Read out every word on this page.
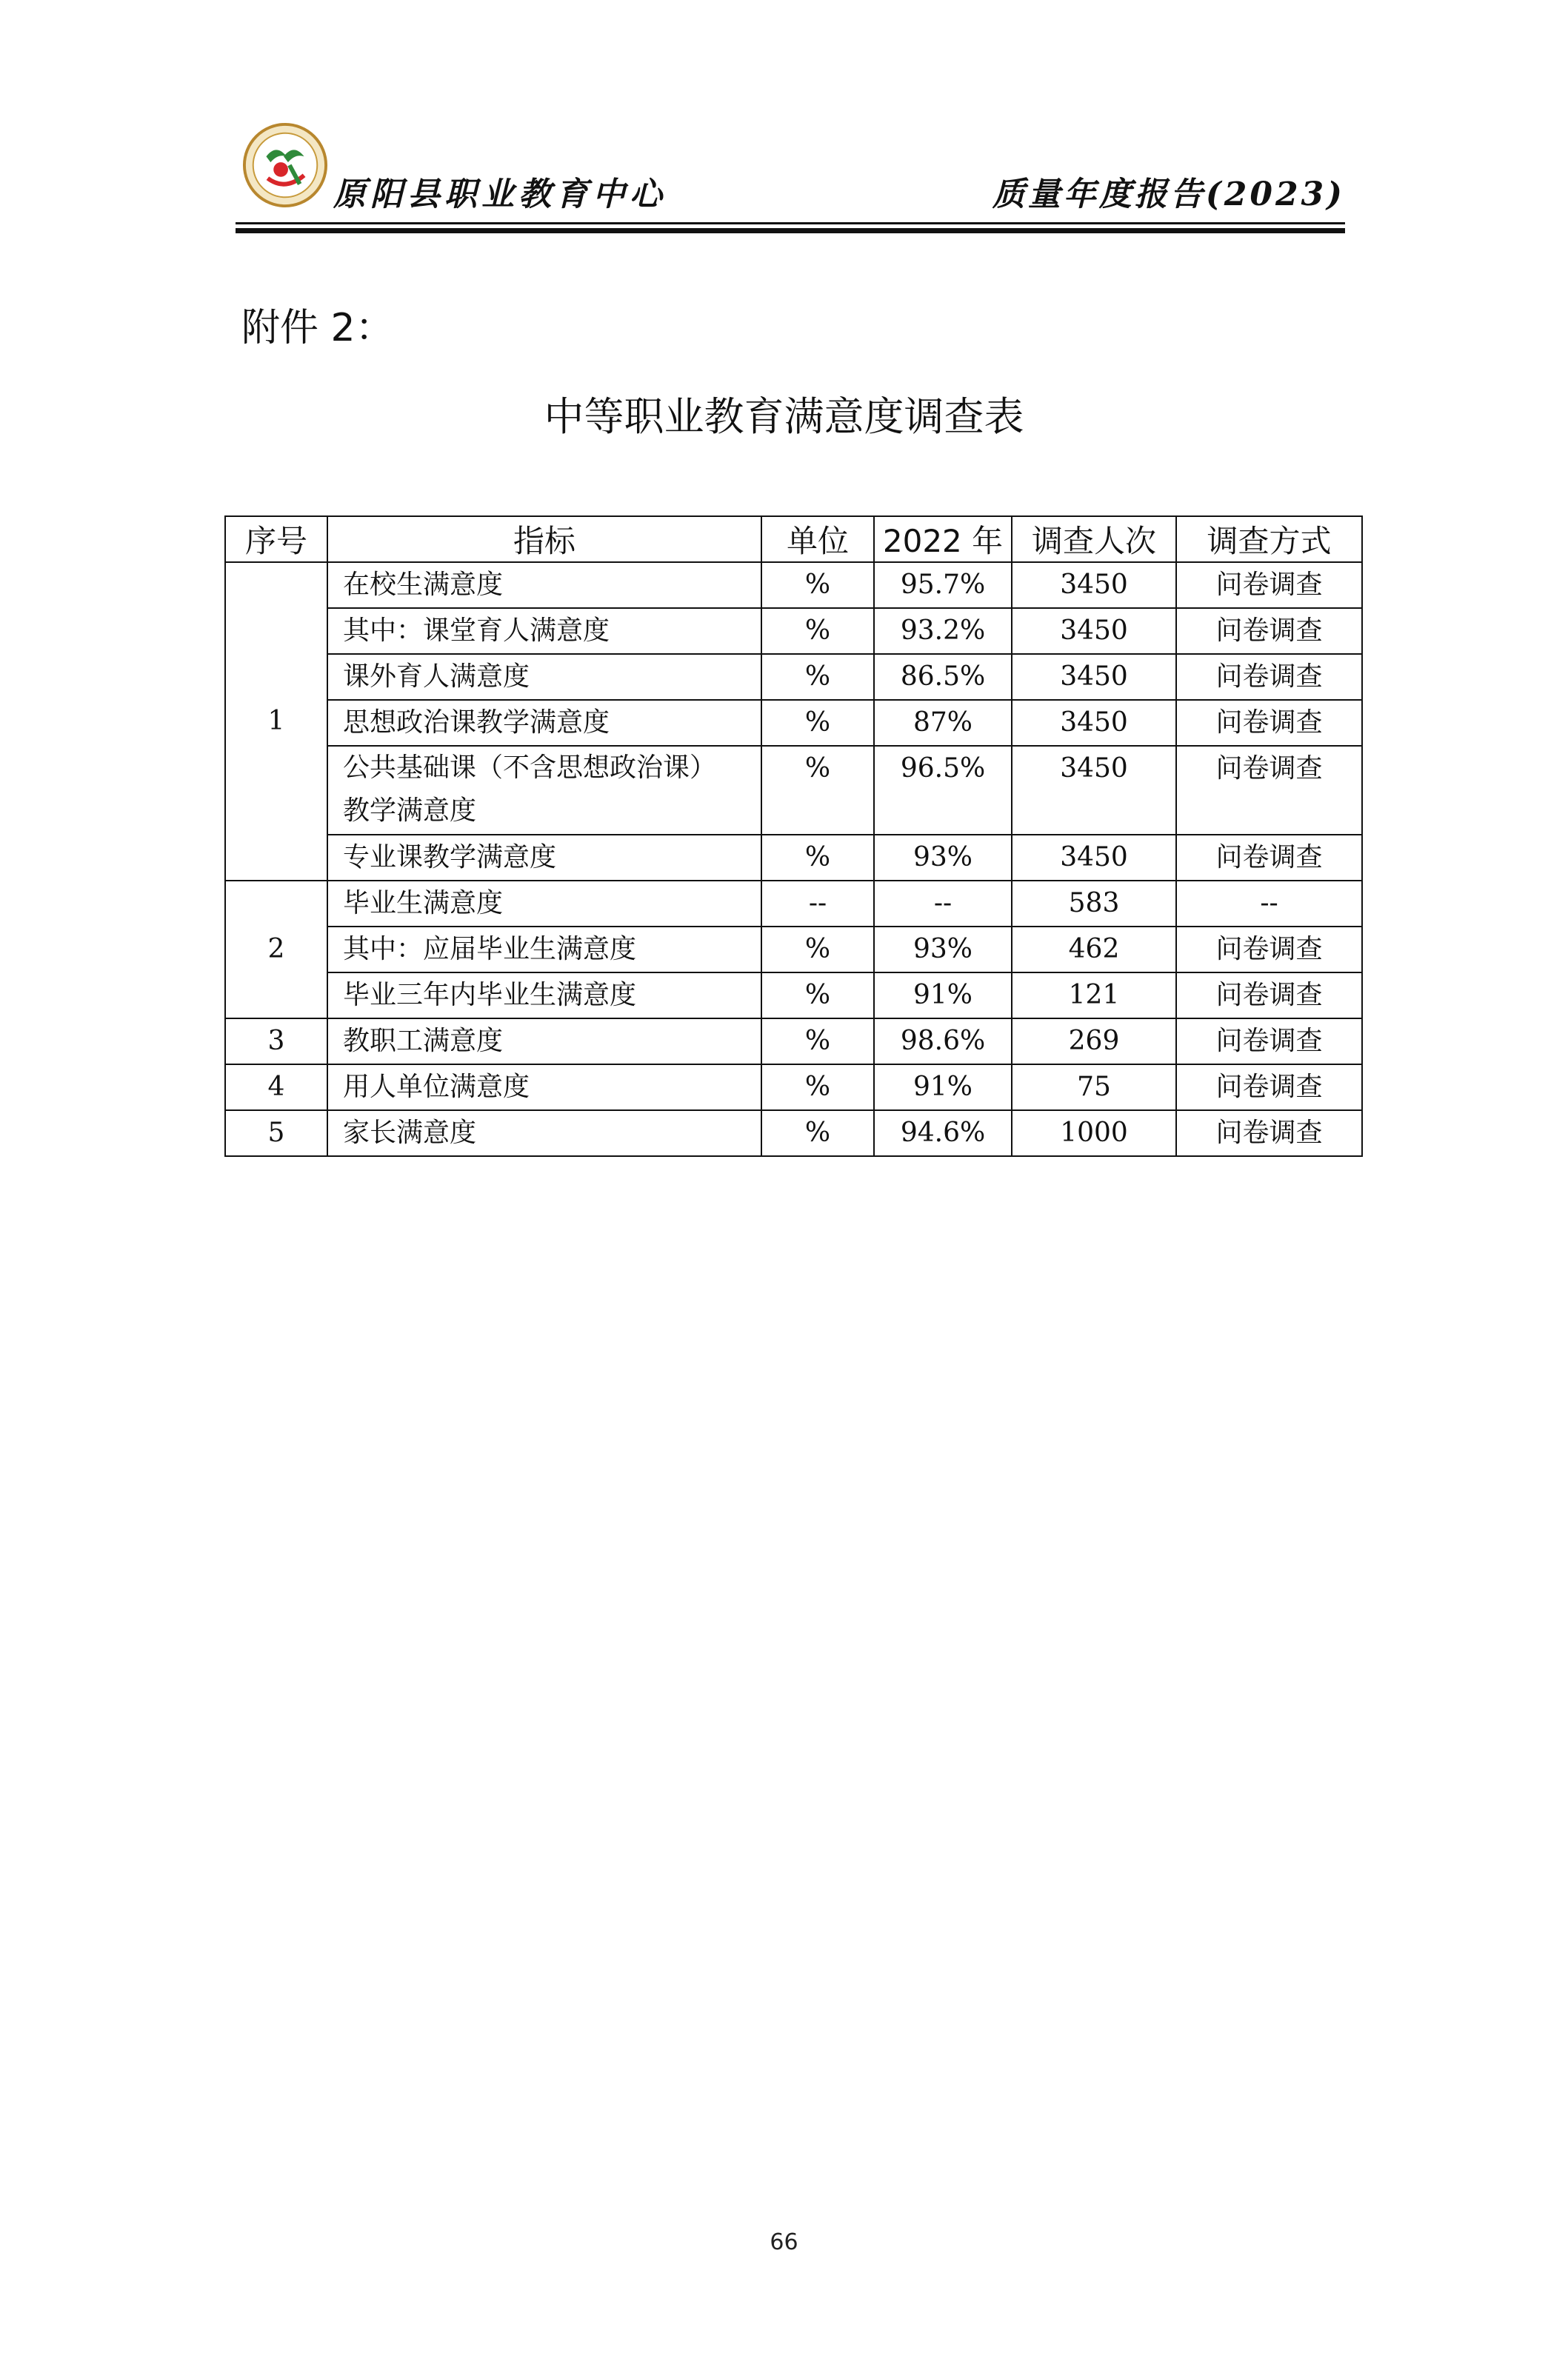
原阳县职业教育中心	质量年度报告(2023)
附件 2：
中等职业教育满意度调查表
序号	指标	单位	2022 年	调查人次	调查方式
1	在校生满意度	%	95.7%	3450	问卷调查
	其中：课堂育人满意度	%	93.2%	3450	问卷调查
	课外育人满意度	%	86.5%	3450	问卷调查
	思想政治课教学满意度	%	87%	3450	问卷调查
	公共基础课（不含思想政治课）
教学满意度	%	96.5%	3450	问卷调查
	专业课教学满意度	%	93%	3450	问卷调查
2	毕业生满意度	--	--	583	--
	其中：应届毕业生满意度	%	93%	462	问卷调查
	毕业三年内毕业生满意度	%	91%	121	问卷调查
3	教职工满意度	%	98.6%	269	问卷调查
4	用人单位满意度	%	91%	75	问卷调查
5	家长满意度	%	94.6%	1000	问卷调查
66
